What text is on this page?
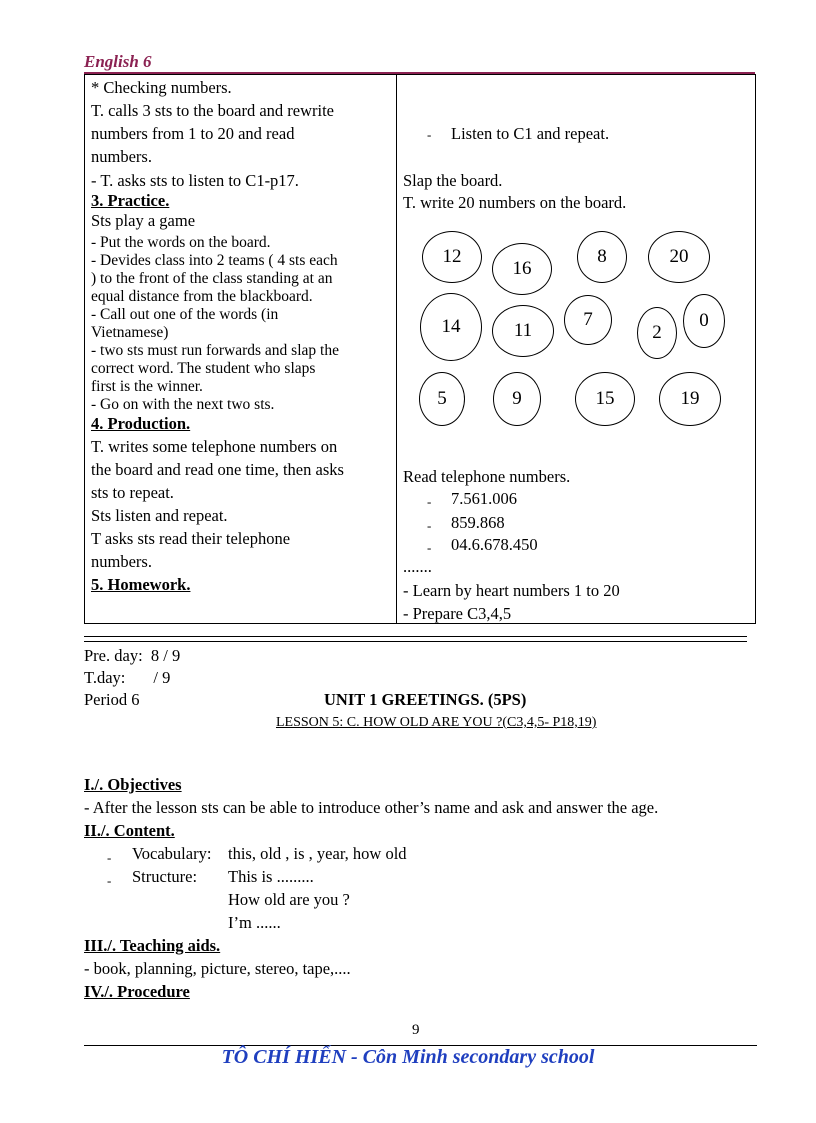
English 6
* Checking numbers.
T. calls 3 sts to the board and rewrite
numbers from 1 to 20 and read
numbers.
- T. asks sts to listen to C1-p17.
3. Practice.
Sts play a game
- Put the words on the board.
- Devides class into 2 teams ( 4 sts each
) to the front of the class standing at an
equal distance from the blackboard.
- Call out one of the words (in
Vietnamese)
- two sts must run forwards and slap the
correct word. The student who slaps
first is the winner.
- Go on with the next two sts.
4. Production.
T. writes some telephone numbers on
the board and read one time, then asks
sts to repeat.
Sts listen and repeat.
T asks sts read their telephone
numbers.
5. Homework.

- Listen to C1 and repeat.
Slap the board.
T. write 20 numbers on the board.
12
16
8	20
14	11
7
2
0
5	9	15	19
Read telephone numbers.
- 7.561.006
- 859.868
- 04.6.678.450
.......
- Learn by heart numbers 1 to 20
- Prepare C3,4,5
Pre. day: 8 / 9
T.day: / 9
Period 6	UNIT 1 GREETINGS. (5PS)
LESSON 5: C. HOW OLD ARE YOU ?(C3,4,5- P18,19)
I./. Objectives
- After the lesson sts can be able to introduce other’s name and ask and answer the age.
II./. Content.
- Vocabulary: this, old , is , year, how old
- Structure: This is .........
How old are you ?
I’m ......
III./. Teaching aids.
- book, planning, picture, stereo, tape,....
IV./. Procedure
9
TÔ CHÍ HIẾN - Côn Minh secondary school
